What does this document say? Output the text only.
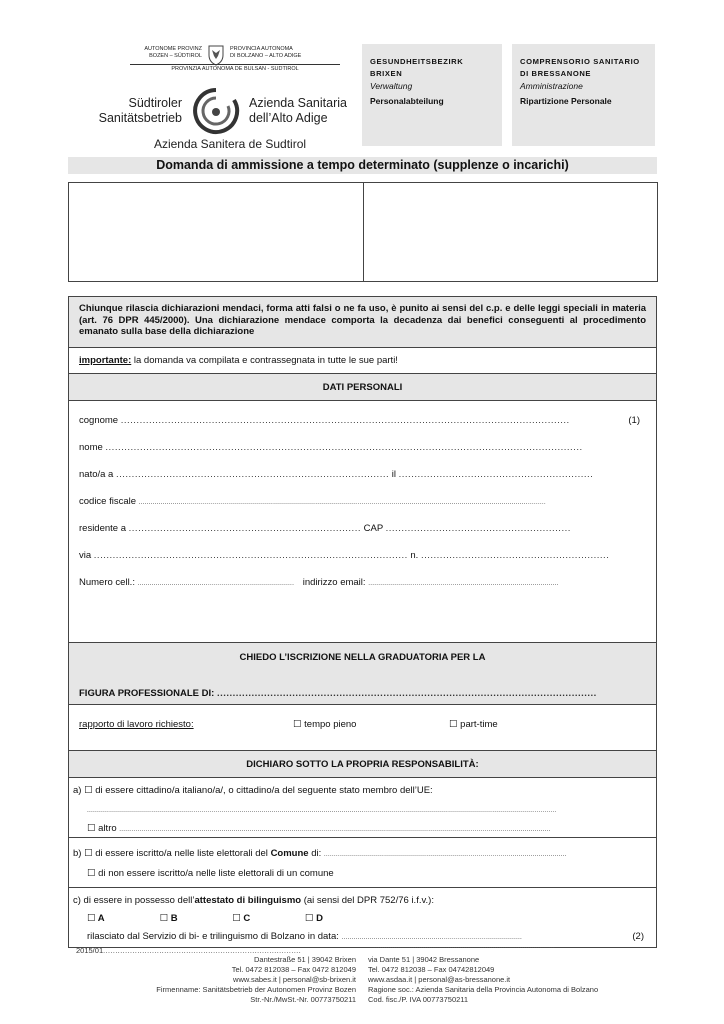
AUTONOME PROVINZ
BOZEN – SÜDTIROL
PROVINCIA AUTONOMA
DI BOLZANO – ALTO ADIGE
PROVINZIA AUTONOMA DE BULSAN - SUDTIROL
Südtiroler
Sanitätsbetrieb
Azienda Sanitaria
dell’Alto Adige
Azienda Sanitera de Sudtirol
GESUNDHEITSBEZIRK
BRIXEN
Verwaltung
Personalabteilung
COMPRENSORIO SANITARIO
DI BRESSANONE
Amministrazione
Ripartizione Personale
Domanda di ammissione a tempo determinato (supplenze o incarichi)
Chiunque rilascia dichiarazioni mendaci, forma atti falsi o ne fa uso, è punito ai sensi del c.p. e delle leggi speciali in materia (art. 76 DPR 445/2000). Una dichiarazione mendace comporta la decadenza dai benefici conseguenti al procedimento emanato sulla base della dichiarazione
importante: la domanda va compilata e contrassegnata in tutte le sue parti!
DATI PERSONALI
cognome ...............................................................................................................................................	(1)
nome ........................................................................................................................................................
nato/a a ....................................................................................... il ..............................................................
codice fiscale ...........................................................................................................................................................................................................
residente a .......................................................................... CAP ...........................................................
via .................................................................................................... n. ............................................................
Numero cell.: .............................................................................. indirizzo email: ...............................................................................................
CHIEDO L’ISCRIZIONE NELLA GRADUATORIA PER LA
FIGURA PROFESSIONALE DI: .........................................................................................................................
rapporto di lavoro richiesto:	☐ tempo pieno	☐ part-time
DICHIARO SOTTO LA PROPRIA RESPONSABILITÀ:
a) ☐ di essere cittadino/a italiano/a/, o cittadino/a del seguente stato membro dell’UE:
..........................................................................................................................................................................................................................................
☐ altro .......................................................................................................................................................................................................................
b) ☐ di essere iscritto/a nelle liste elettorali del Comune di: .........................................................................................................................
☐ di non essere iscritto/a nelle liste elettorali di un comune
c) di essere in possesso dell’attestato di bilinguismo (ai sensi del DPR 752/76 i.f.v.):
☐ A	☐ B	☐ C	☐ D
rilasciato dal Servizio di bi- e trilinguismo di Bolzano in data: ..........................................................................................	(2)
2015/01.................................................................................
...............................................................................................
Dantestraße 51 | 39042 Brixen
Tel. 0472 812038 – Fax 0472 812049
www.sabes.it | personal@sb-brixen.it
Firmenname: Sanitätsbetrieb der Autonomen Provinz Bozen
Str.-Nr./MwSt.-Nr. 00773750211
via Dante 51 | 39042 Bressanone
Tel. 0472 812038 – Fax 04742812049
www.asdaa.it | personal@as-bressanone.it
Ragione soc.: Azienda Sanitaria della Provincia Autonoma di Bolzano
Cod. fisc./P. IVA 00773750211
